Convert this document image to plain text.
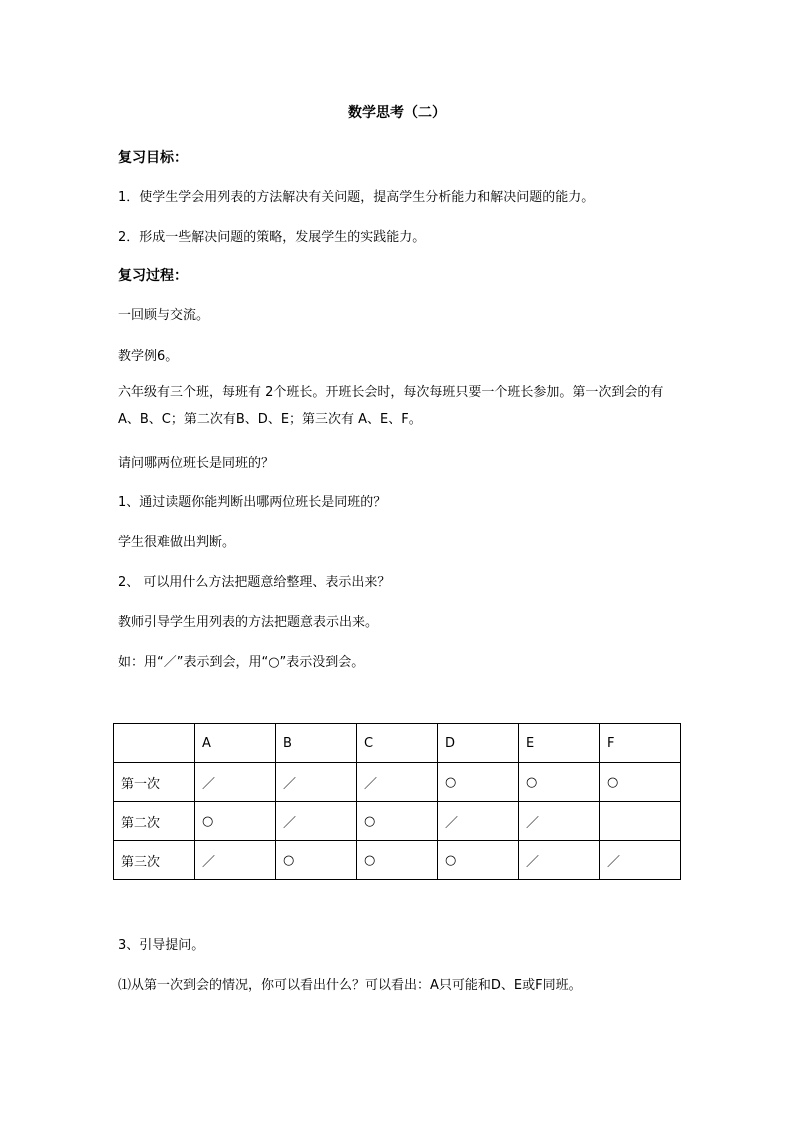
数学思考（二）
复习目标：
1．使学生学会用列表的方法解决有关问题，提高学生分析能力和解决问题的能力。
2．形成一些解决问题的策略，发展学生的实践能力。
复习过程：
一回顾与交流。
教学例6。
六年级有三个班，每班有 2个班长。开班长会时，每次每班只要一个班长参加。第一次到会的有 A、B、C；第二次有B、D、E；第三次有 A、E、F。
请问哪两位班长是同班的？
1、通过读题你能判断出哪两位班长是同班的？
学生很难做出判断。
2、 可以用什么方法把题意给整理、表示出来？
教师引导学生用列表的方法把题意表示出来。
如：用“／”表示到会，用“○”表示没到会。
	A	B	C	D	E	F
第一次	／	／	／	○	○	○
第二次	○	／	○	／	／	
第三次	／	○	○	○	／	／
3、引导提问。
⑴从第一次到会的情况，你可以看出什么？可以看出：A只可能和D、E或F同班。
